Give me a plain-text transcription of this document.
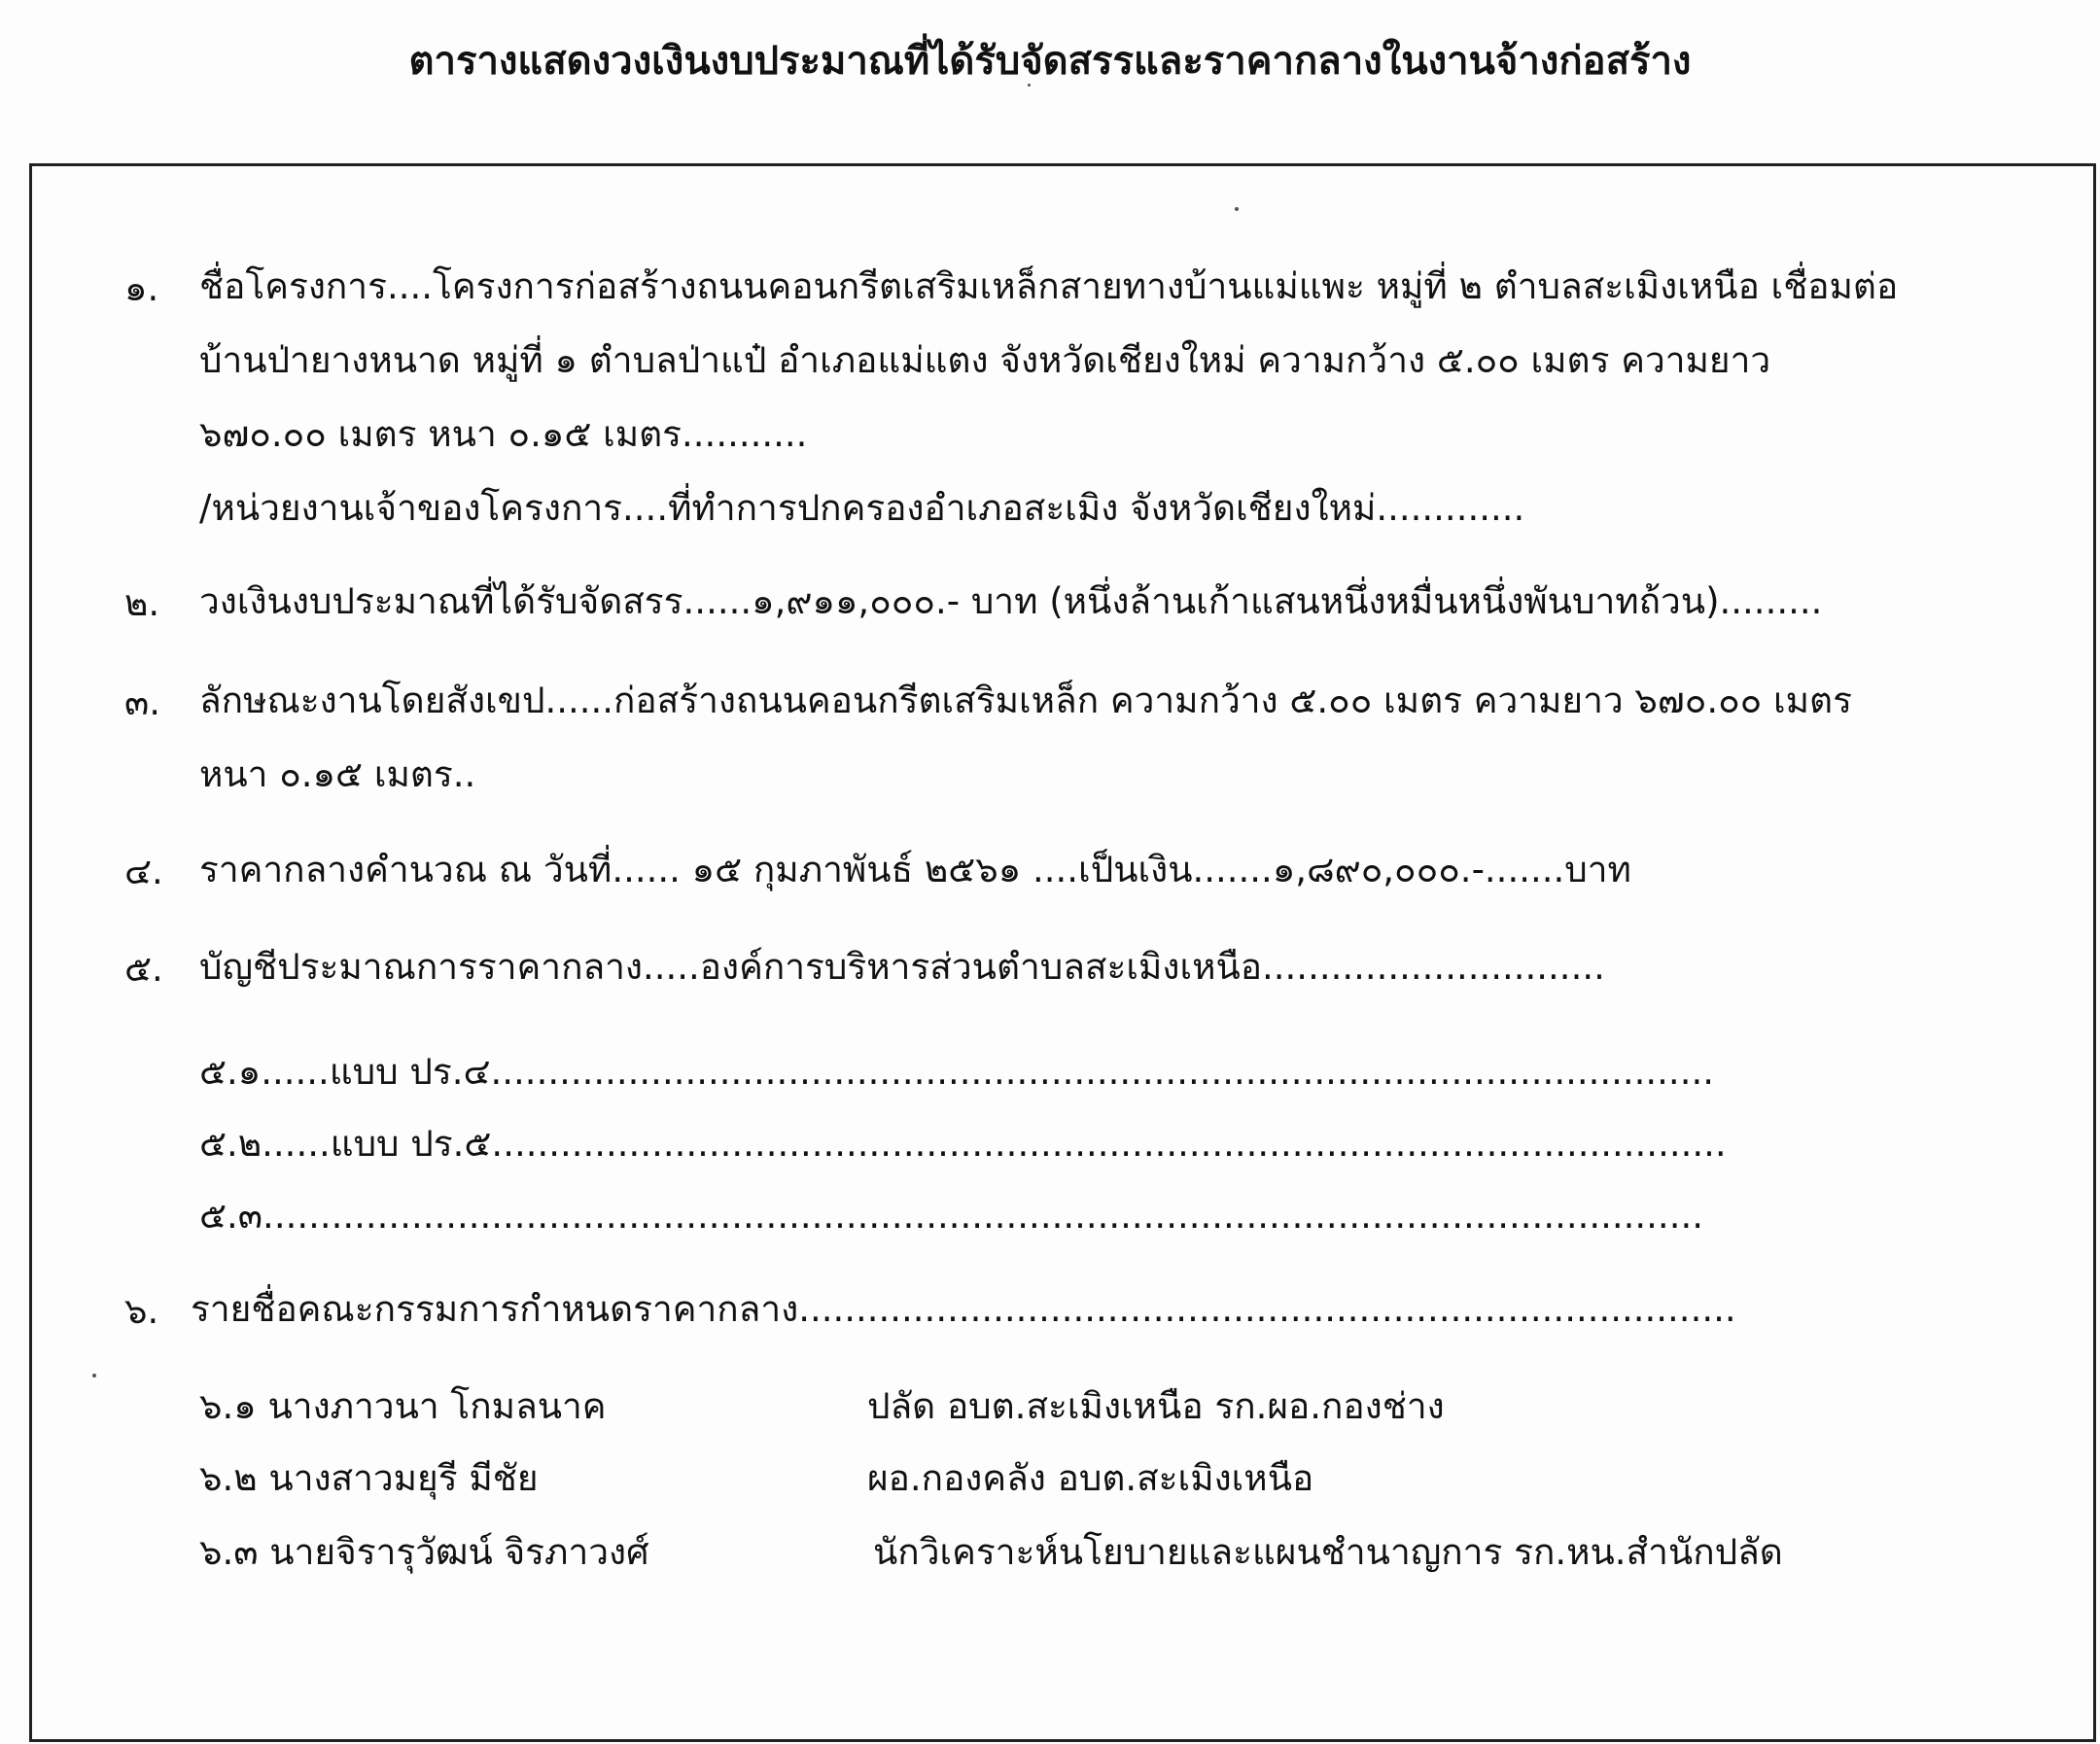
ตารางแสดงวงเงินงบประมาณที่ได้รับจัดสรรและราคากลางในงานจ้างก่อสร้าง
๑. ชื่อโครงการ....โครงการก่อสร้างถนนคอนกรีตเสริมเหล็กสายทางบ้านแม่แพะ หมู่ที่ ๒ ตำบลสะเมิงเหนือ เชื่อมต่อ
บ้านป่ายางหนาด หมู่ที่ ๑ ตำบลป่าแป๋ อำเภอแม่แตง จังหวัดเชียงใหม่ ความกว้าง ๕.๐๐ เมตร ความยาว
๖๗๐.๐๐ เมตร หนา ๐.๑๕ เมตร...........
/หน่วยงานเจ้าของโครงการ....ที่ทำการปกครองอำเภอสะเมิง จังหวัดเชียงใหม่.............
๒. วงเงินงบประมาณที่ได้รับจัดสรร......๑,๙๑๑,๐๐๐.- บาท (หนึ่งล้านเก้าแสนหนึ่งหมื่นหนึ่งพันบาทถ้วน).........
๓. ลักษณะงานโดยสังเขป......ก่อสร้างถนนคอนกรีตเสริมเหล็ก ความกว้าง ๕.๐๐ เมตร ความยาว ๖๗๐.๐๐ เมตร
หนา ๐.๑๕ เมตร..
๔. ราคากลางคำนวณ ณ วันที่...... ๑๕ กุมภาพันธ์ ๒๕๖๑ ....เป็นเงิน.......๑,๘๙๐,๐๐๐.-.......บาท
๕. บัญชีประมาณการราคากลาง.....องค์การบริหารส่วนตำบลสะเมิงเหนือ..............................
๕.๑......แบบ ปร.๔...........................................................................................................
๕.๒......แบบ ปร.๕............................................................................................................
๕.๓..............................................................................................................................
๖. รายชื่อคณะกรรมการกำหนดราคากลาง..................................................................................
๖.๑ นางภาวนา โกมลนาค	ปลัด อบต.สะเมิงเหนือ รก.ผอ.กองช่าง
๖.๒ นางสาวมยุรี มีชัย	ผอ.กองคลัง อบต.สะเมิงเหนือ
๖.๓ นายจิรารุวัฒน์ จิรภาวงศ์	นักวิเคราะห์นโยบายและแผนชำนาญการ รก.หน.สำนักปลัด
